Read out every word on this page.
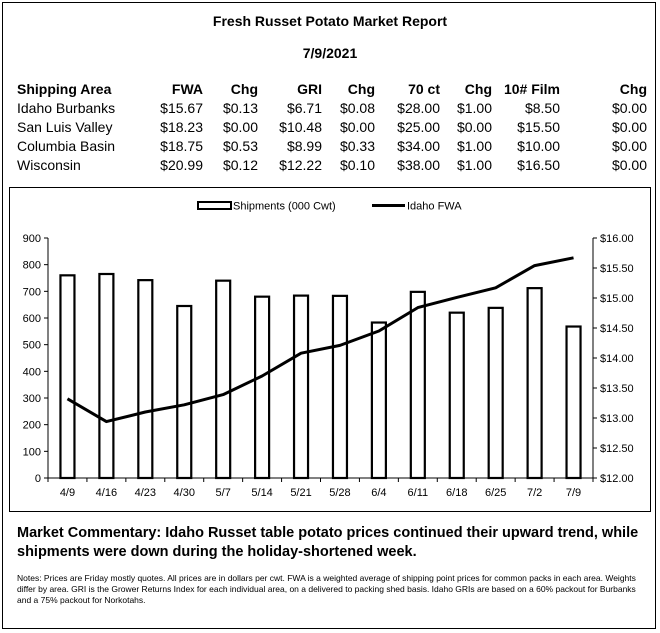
Fresh Russet Potato Market Report
7/9/2021
Shipping Area	FWA	Chg	GRI	Chg	70 ct	Chg	10# Film	Chg
Idaho Burbanks	$15.67	$0.13	$6.71	$0.08	$28.00	$1.00	$8.50	$0.00
San Luis Valley	$18.23	$0.00	$10.48	$0.00	$25.00	$0.00	$15.50	$0.00
Columbia Basin	$18.75	$0.53	$8.99	$0.33	$34.00	$1.00	$10.00	$0.00
Wisconsin	$20.99	$0.12	$12.22	$0.10	$38.00	$1.00	$16.50	$0.00
Shipments (000 Cwt)	Idaho FWA
0
100
200
300
400
500
600
700
800
900
$12.00
$12.50
$13.00
$13.50
$14.00
$14.50
$15.00
$15.50
$16.00
4/9 4/16 4/23 4/30 5/7 5/14 5/21 5/28 6/4 6/11 6/18 6/25 7/2 7/9
Market Commentary: Idaho Russet table potato prices continued their upward trend, while shipments were down during the holiday-shortened week.
Notes: Prices are Friday mostly quotes. All prices are in dollars per cwt. FWA is a weighted average of shipping point prices for common packs in each area. Weights differ by area. GRI is the Grower Returns Index for each individual area, on a delivered to packing shed basis. Idaho GRIs are based on a 60% packout for Burbanks and a 75% packout for Norkotahs.
